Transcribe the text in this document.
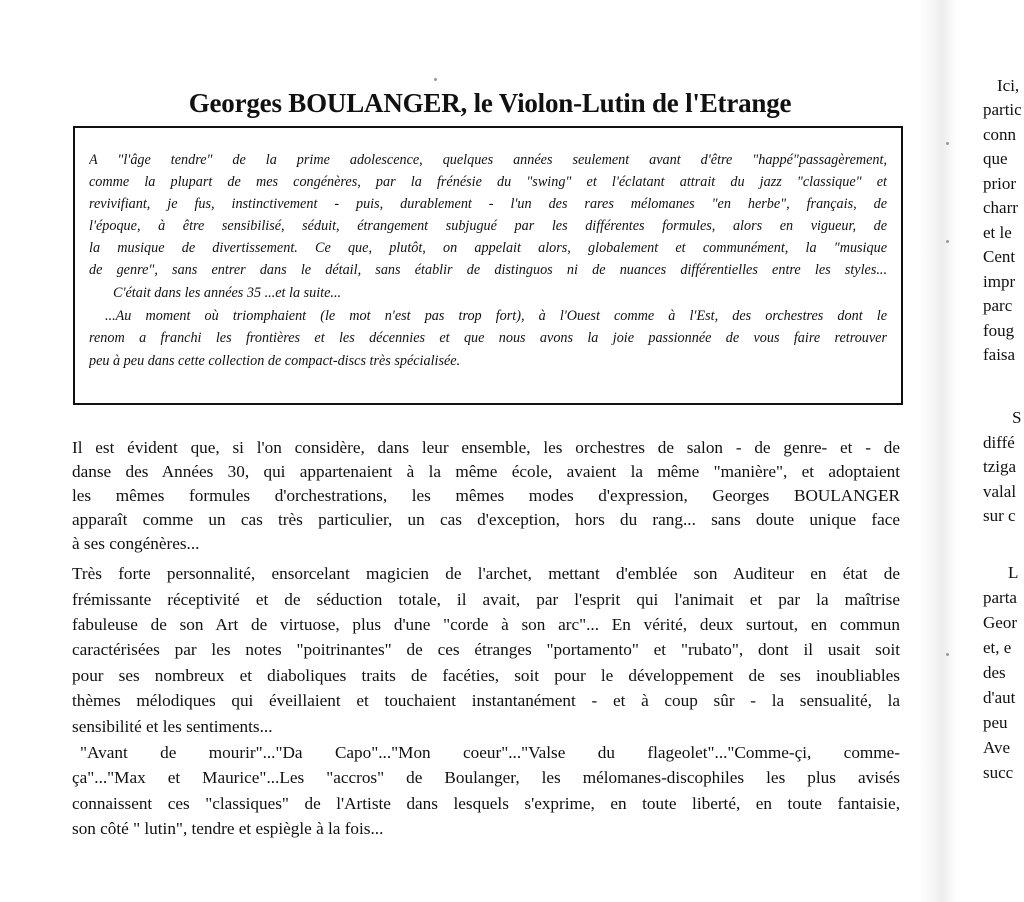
Georges BOULANGER, le Violon-Lutin de l'Etrange
A "l'âge tendre" de la prime adolescence, quelques années seulement avant d'être "happé"passagèrement,
comme la plupart de mes congénères, par la frénésie du "swing" et l'éclatant attrait du jazz "classique" et
revivifiant, je fus, instinctivement - puis, durablement - l'un des rares mélomanes "en herbe", français, de
l'époque, à être sensibilisé, séduit, étrangement subjugué par les différentes formules, alors en vigueur, de
la musique de divertissement. Ce que, plutôt, on appelait alors, globalement et communément, la "musique
de genre", sans entrer dans le détail, sans établir de distinguos ni de nuances différentielles entre les styles...
C'était dans les années 35 ...et la suite...
...Au moment où triomphaient (le mot n'est pas trop fort), à l'Ouest comme à l'Est, des orchestres dont le
renom a franchi les frontières et les décennies et que nous avons la joie passionnée de vous faire retrouver
peu à peu dans cette collection de compact-discs très spécialisée.
Il est évident que, si l'on considère, dans leur ensemble, les orchestres de salon - de genre- et - de
danse des Années 30, qui appartenaient à la même école, avaient la même "manière", et adoptaient
les mêmes formules d'orchestrations, les mêmes modes d'expression, Georges BOULANGER
apparaît comme un cas très particulier, un cas d'exception, hors du rang... sans doute unique face
à ses congénères...
Très forte personnalité, ensorcelant magicien de l'archet, mettant d'emblée son Auditeur en état de
frémissante réceptivité et de séduction totale, il avait, par l'esprit qui l'animait et par la maîtrise
fabuleuse de son Art de virtuose, plus d'une "corde à son arc"... En vérité, deux surtout, en commun
caractérisées par les notes "poitrinantes" de ces étranges "portamento" et "rubato", dont il usait soit
pour ses nombreux et diaboliques traits de facéties, soit pour le développement de ses inoubliables
thèmes mélodiques qui éveillaient et touchaient instantanément - et à coup sûr - la sensualité, la
sensibilité et les sentiments...
"Avant de mourir"..."Da Capo"..."Mon coeur"..."Valse du flageolet"..."Comme-çi, comme-
ça"..."Max et Maurice"...Les "accros" de Boulanger, les mélomanes-discophiles les plus avisés
connaissent ces "classiques" de l'Artiste dans lesquels s'exprime, en toute liberté, en toute fantaisie,
son côté " lutin", tendre et espiègle à la fois...
Ici,
partic
conn
que
prior
charr
et le
Cent
impr
parc
foug
faisa
S
diffé
tziga
valal
sur c
L
parta
Geor
et, e
des
d'aut
peu
Ave
succ
